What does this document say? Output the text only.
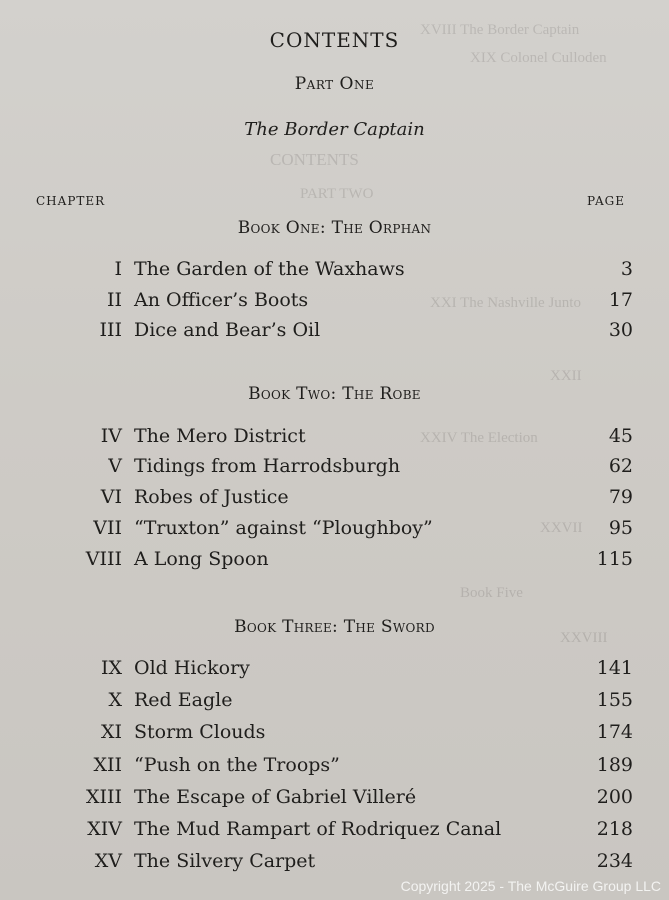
XVIII The Border Captain
XIX Colonel Culloden
CONTENTS
PART TWO
XXI The Nashville Junto
XXII
XXIV The Election
XXVII
Book Five
XXVIII
CONTENTS
Part One
The Border Captain
CHAPTER	PAGE
Book One: The Orphan
I The Garden of the Waxhaws	3
II An Officer’s Boots	17
III Dice and Bear’s Oil	30
Book Two: The Robe
IV The Mero District	45
V Tidings from Harrodsburgh	62
VI Robes of Justice	79
VII “Truxton” against “Ploughboy”	95
VIII A Long Spoon	115
Book Three: The Sword
IX Old Hickory	141
X Red Eagle	155
XI Storm Clouds	174
XII “Push on the Troops”	189
XIII The Escape of Gabriel Villeré	200
XIV The Mud Rampart of Rodriquez Canal	218
XV The Silvery Carpet	234
Copyright 2025 - The McGuire Group LLC
